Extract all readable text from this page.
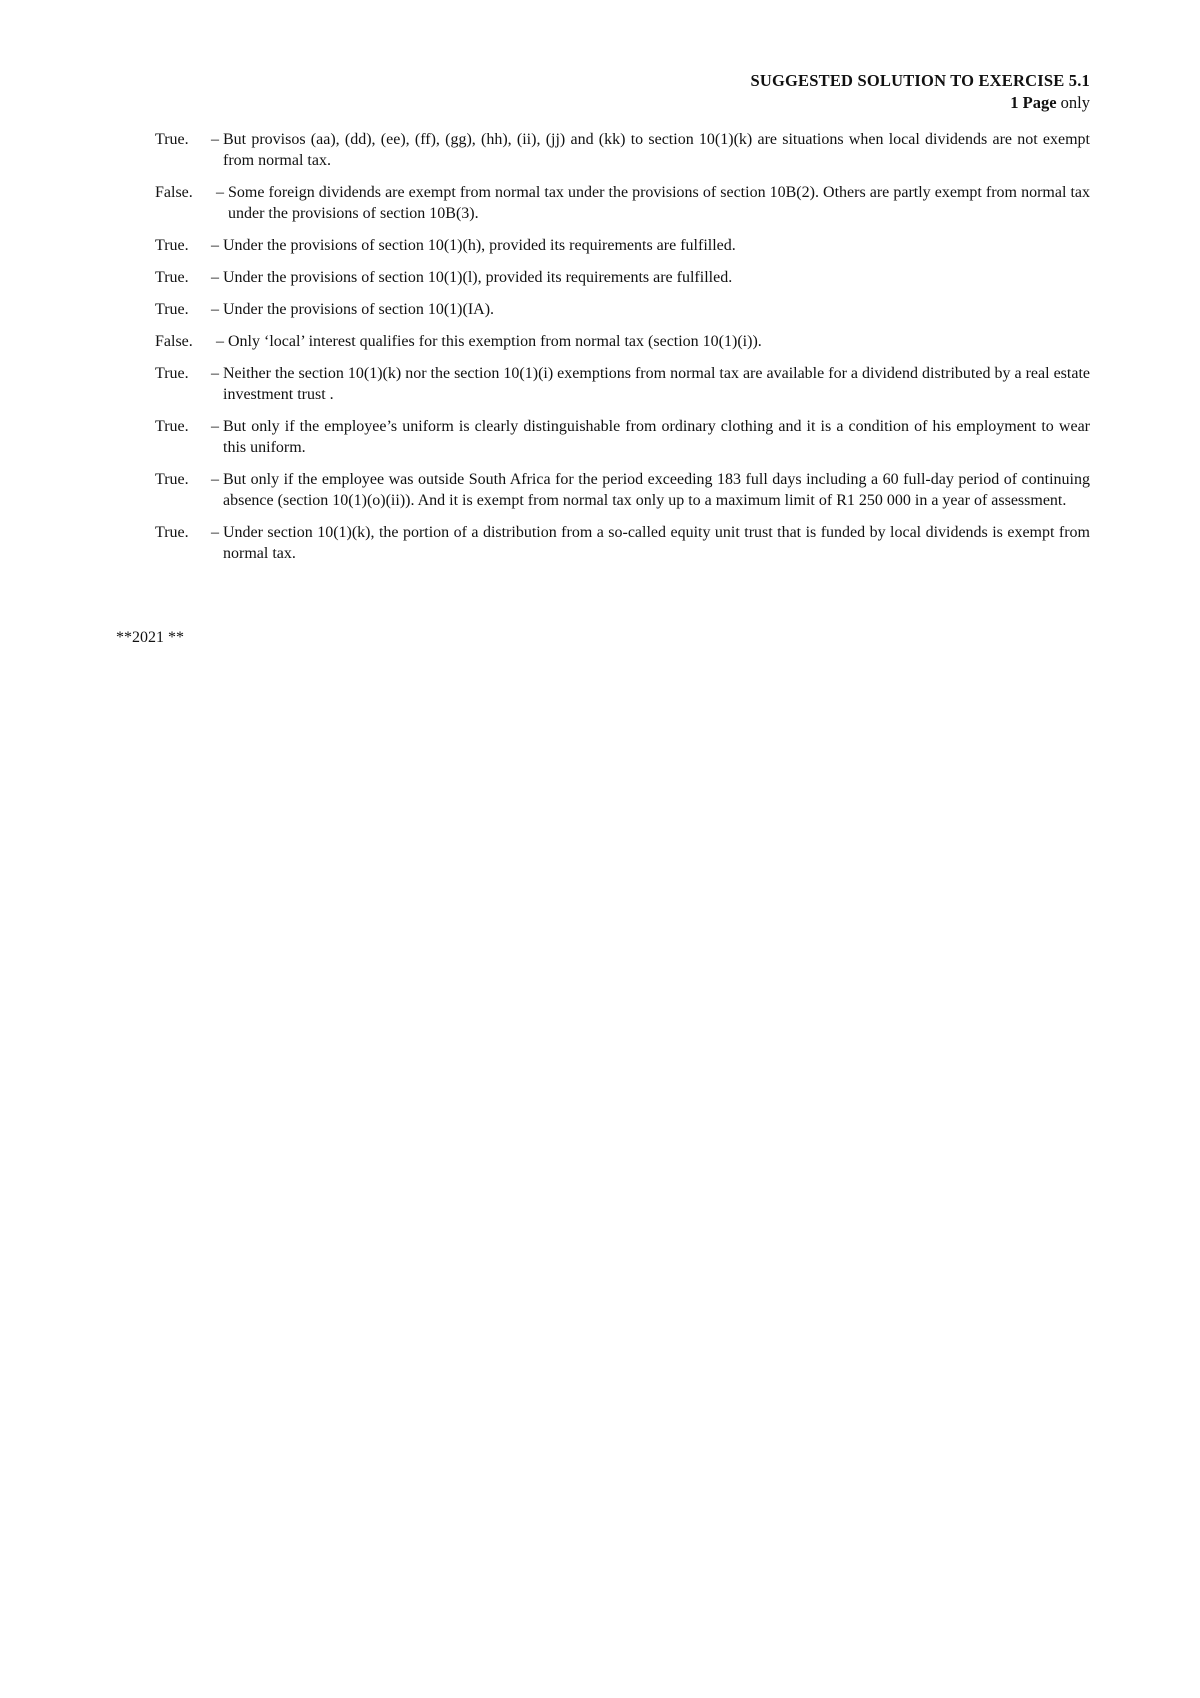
SUGGESTED SOLUTION TO EXERCISE 5.1
1 Page only
True.	– But provisos (aa), (dd), (ee), (ff), (gg), (hh), (ii), (jj) and (kk) to section 10(1)(k) are situations when local dividends are not exempt from normal tax.
False.	– Some foreign dividends are exempt from normal tax under the provisions of section 10B(2). Others are partly exempt from normal tax under the provisions of section 10B(3).
True.	– Under the provisions of section 10(1)(h), provided its requirements are fulfilled.
True.	– Under the provisions of section 10(1)(l), provided its requirements are fulfilled.
True.	– Under the provisions of section 10(1)(IA).
False.	– Only ‘local’ interest qualifies for this exemption from normal tax (section 10(1)(i)).
True.	– Neither the section 10(1)(k) nor the section 10(1)(i) exemptions from normal tax are available for a dividend distributed by a real estate investment trust .
True.	– But only if the employee’s uniform is clearly distinguishable from ordinary clothing and it is a condition of his employment to wear this uniform.
True.	– But only if the employee was outside South Africa for the period exceeding 183 full days including a 60 full-day period of continuing absence (section 10(1)(o)(ii)). And it is exempt from normal tax only up to a maximum limit of R1 250 000 in a year of assessment.
True.	– Under section 10(1)(k), the portion of a distribution from a so-called equity unit trust that is funded by local dividends is exempt from normal tax.
**2021 **
